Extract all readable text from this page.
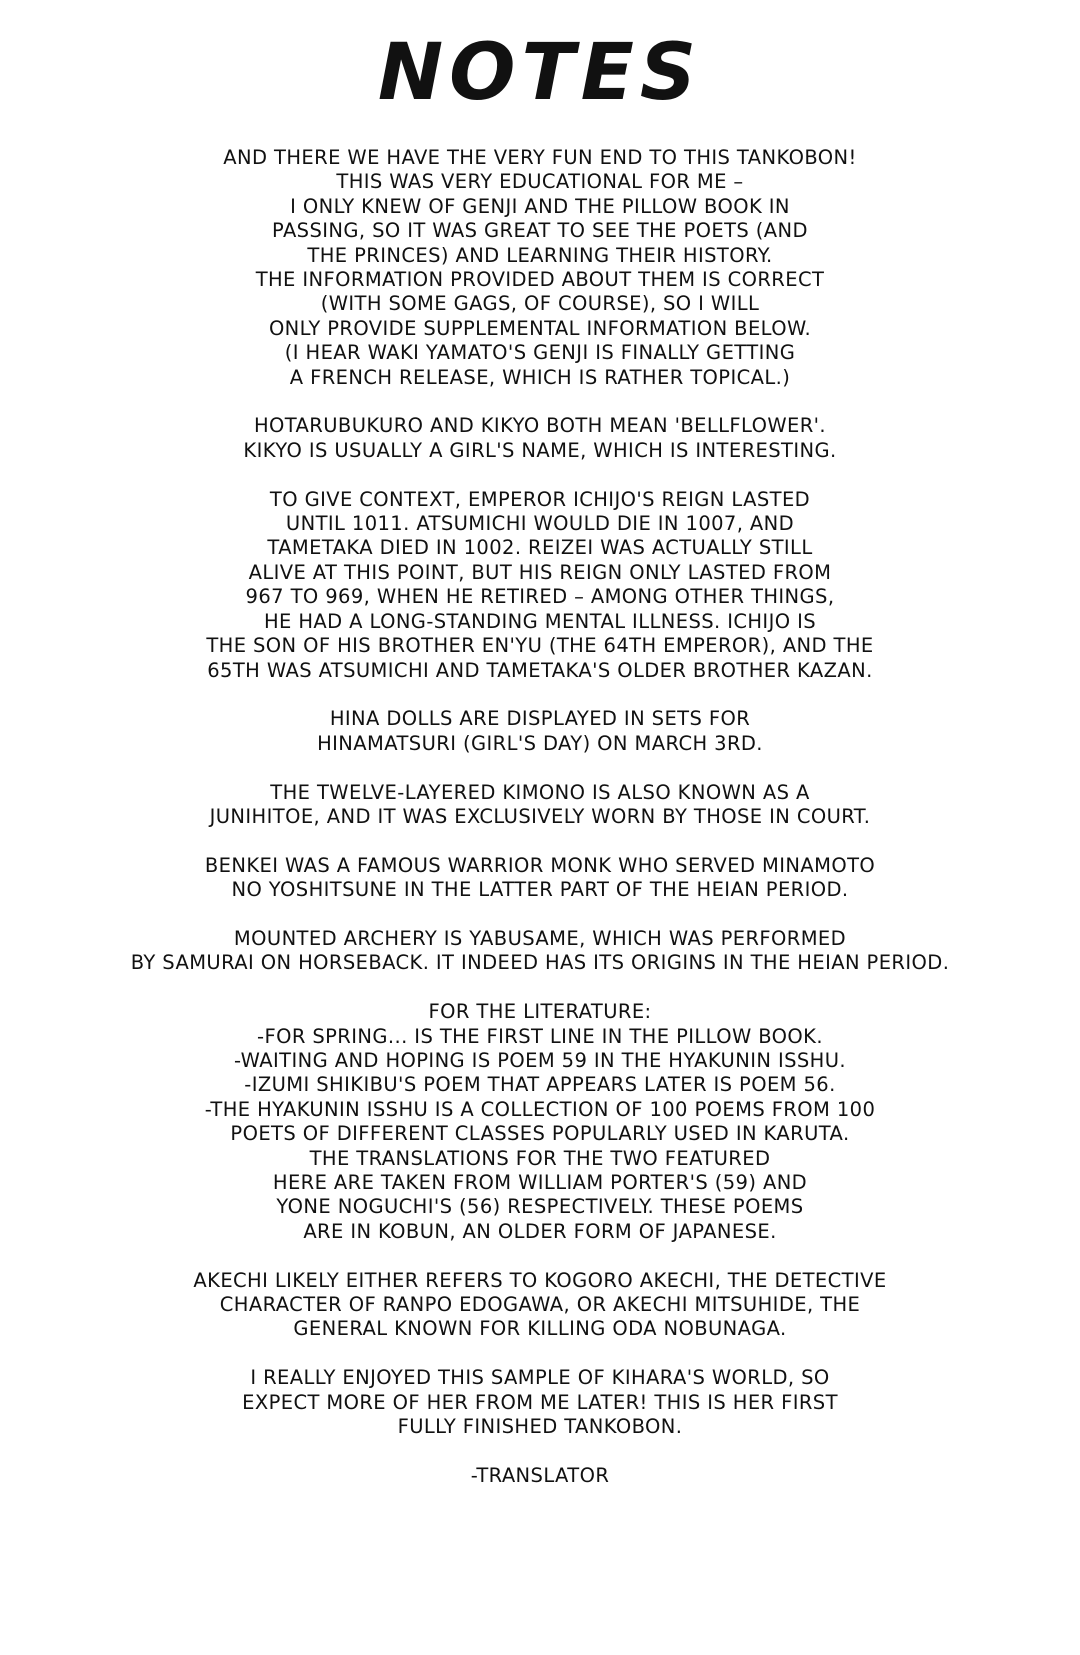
NOTES
AND THERE WE HAVE THE VERY FUN END TO THIS TANKOBON!
THIS WAS VERY EDUCATIONAL FOR ME –
I ONLY KNEW OF GENJI AND THE PILLOW BOOK IN
PASSING, SO IT WAS GREAT TO SEE THE POETS (AND
THE PRINCES) AND LEARNING THEIR HISTORY.
THE INFORMATION PROVIDED ABOUT THEM IS CORRECT
(WITH SOME GAGS, OF COURSE), SO I WILL
ONLY PROVIDE SUPPLEMENTAL INFORMATION BELOW.
(I HEAR WAKI YAMATO'S GENJI IS FINALLY GETTING
A FRENCH RELEASE, WHICH IS RATHER TOPICAL.)
HOTARUBUKURO AND KIKYO BOTH MEAN 'BELLFLOWER'.
KIKYO IS USUALLY A GIRL'S NAME, WHICH IS INTERESTING.
TO GIVE CONTEXT, EMPEROR ICHIJO'S REIGN LASTED
UNTIL 1011. ATSUMICHI WOULD DIE IN 1007, AND
TAMETAKA DIED IN 1002. REIZEI WAS ACTUALLY STILL
ALIVE AT THIS POINT, BUT HIS REIGN ONLY LASTED FROM
967 TO 969, WHEN HE RETIRED – AMONG OTHER THINGS,
HE HAD A LONG-STANDING MENTAL ILLNESS. ICHIJO IS
THE SON OF HIS BROTHER EN'YU (THE 64TH EMPEROR), AND THE
65TH WAS ATSUMICHI AND TAMETAKA'S OLDER BROTHER KAZAN.
HINA DOLLS ARE DISPLAYED IN SETS FOR
HINAMATSURI (GIRL'S DAY) ON MARCH 3RD.
THE TWELVE-LAYERED KIMONO IS ALSO KNOWN AS A
JUNIHITOE, AND IT WAS EXCLUSIVELY WORN BY THOSE IN COURT.
BENKEI WAS A FAMOUS WARRIOR MONK WHO SERVED MINAMOTO
NO YOSHITSUNE IN THE LATTER PART OF THE HEIAN PERIOD.
MOUNTED ARCHERY IS YABUSAME, WHICH WAS PERFORMED
BY SAMURAI ON HORSEBACK. IT INDEED HAS ITS ORIGINS IN THE HEIAN PERIOD.
FOR THE LITERATURE:
-FOR SPRING... IS THE FIRST LINE IN THE PILLOW BOOK.
-WAITING AND HOPING IS POEM 59 IN THE HYAKUNIN ISSHU.
-IZUMI SHIKIBU'S POEM THAT APPEARS LATER IS POEM 56.
-THE HYAKUNIN ISSHU IS A COLLECTION OF 100 POEMS FROM 100
POETS OF DIFFERENT CLASSES POPULARLY USED IN KARUTA.
THE TRANSLATIONS FOR THE TWO FEATURED
HERE ARE TAKEN FROM WILLIAM PORTER'S (59) AND
YONE NOGUCHI'S (56) RESPECTIVELY. THESE POEMS
ARE IN KOBUN, AN OLDER FORM OF JAPANESE.
AKECHI LIKELY EITHER REFERS TO KOGORO AKECHI, THE DETECTIVE
CHARACTER OF RANPO EDOGAWA, OR AKECHI MITSUHIDE, THE
GENERAL KNOWN FOR KILLING ODA NOBUNAGA.
I REALLY ENJOYED THIS SAMPLE OF KIHARA'S WORLD, SO
EXPECT MORE OF HER FROM ME LATER! THIS IS HER FIRST
FULLY FINISHED TANKOBON.
-TRANSLATOR
